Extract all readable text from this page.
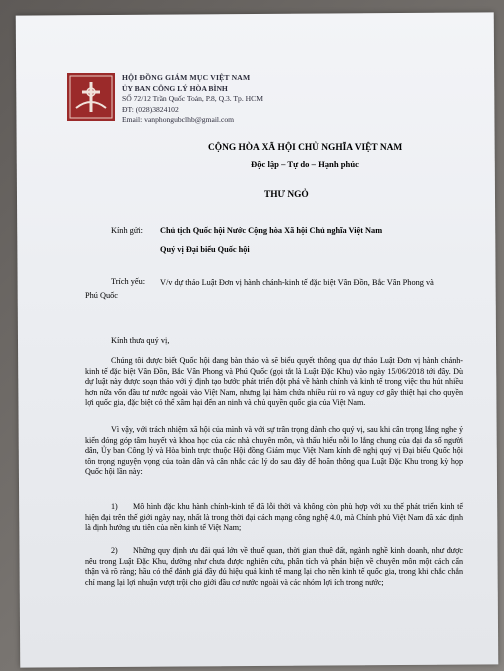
HỘI ĐỒNG GIÁM MỤC VIỆT NAM
ỦY BAN CÔNG LÝ HÒA BÌNH
SỐ 72/12 Trần Quốc Toản, P.8, Q.3. Tp. HCM
ĐT: (028)3824102
Email: vanphongubclhb@gmail.com
CỘNG HÒA XÃ HỘI CHỦ NGHĨA VIỆT NAM
Độc lập – Tự do – Hạnh phúc
THƯ NGỎ
Kính gửi: Chủ tịch Quốc hội Nước Cộng hòa Xã hội Chủ nghĩa Việt Nam
Quý vị Đại biểu Quốc hội
Trích yếu: V/v dự thảo Luật Đơn vị hành chánh-kinh tế đặc biệt Vân Đồn, Bắc Vân Phong và
Phú Quốc
Kính thưa quý vị,
Chúng tôi được biết Quốc hội đang bàn thảo và sẽ biểu quyết thông qua dự thảo Luật Đơn vị hành chánh-kinh tế đặc biệt Vân Đồn, Bắc Vân Phong và Phú Quốc (gọi tắt là Luật Đặc Khu) vào ngày 15/06/2018 tới đây. Dù dự luật này được soạn thảo với ý định tạo bước phát triển đột phá về hành chính và kinh tế trong việc thu hút nhiều hơn nữa vốn đầu tư nước ngoài vào Việt Nam, nhưng lại hàm chứa nhiều rủi ro và nguy cơ gây thiệt hại cho quyền lợi quốc gia, đặc biệt có thể xâm hại đến an ninh và chủ quyền quốc gia của Việt Nam.
Vì vậy, với trách nhiệm xã hội của mình và với sự trân trọng dành cho quý vị, sau khi cân trọng lắng nghe ý kiến đóng góp tâm huyết và khoa học của các nhà chuyên môn, và thấu hiểu nỗi lo lắng chung của đại đa số người dân, Ủy ban Công lý và Hòa bình trực thuộc Hội đồng Giám mục Việt Nam kính đề nghị quý vị Đại biểu Quốc hội tôn trọng nguyện vọng của toàn dân và cân nhắc các lý do sau đây để hoãn thông qua Luật Đặc Khu trong kỳ họp Quốc hội lần này:
1) Mô hình đặc khu hành chính-kinh tế đã lỗi thời và không còn phù hợp với xu thế phát triển kinh tế hiện đại trên thế giới ngày nay, nhất là trong thời đại cách mạng công nghệ 4.0, mà Chính phủ Việt Nam đã xác định là định hướng ưu tiên của nền kinh tế Việt Nam;
2) Những quy định ưu đãi quá lớn về thuế quan, thời gian thuê đất, ngành nghề kinh doanh, như được nêu trong Luật Đặc Khu, dường như chưa được nghiên cứu, phân tích và phản biện về chuyên môn một cách cẩn thận và rõ ràng; hầu có thể đánh giá đầy đủ hiệu quả kinh tế mang lại cho nền kinh tế quốc gia, trong khi chắc chắn chỉ mang lại lợi nhuận vượt trội cho giới đầu cơ nước ngoài và các nhóm lợi ích trong nước;
